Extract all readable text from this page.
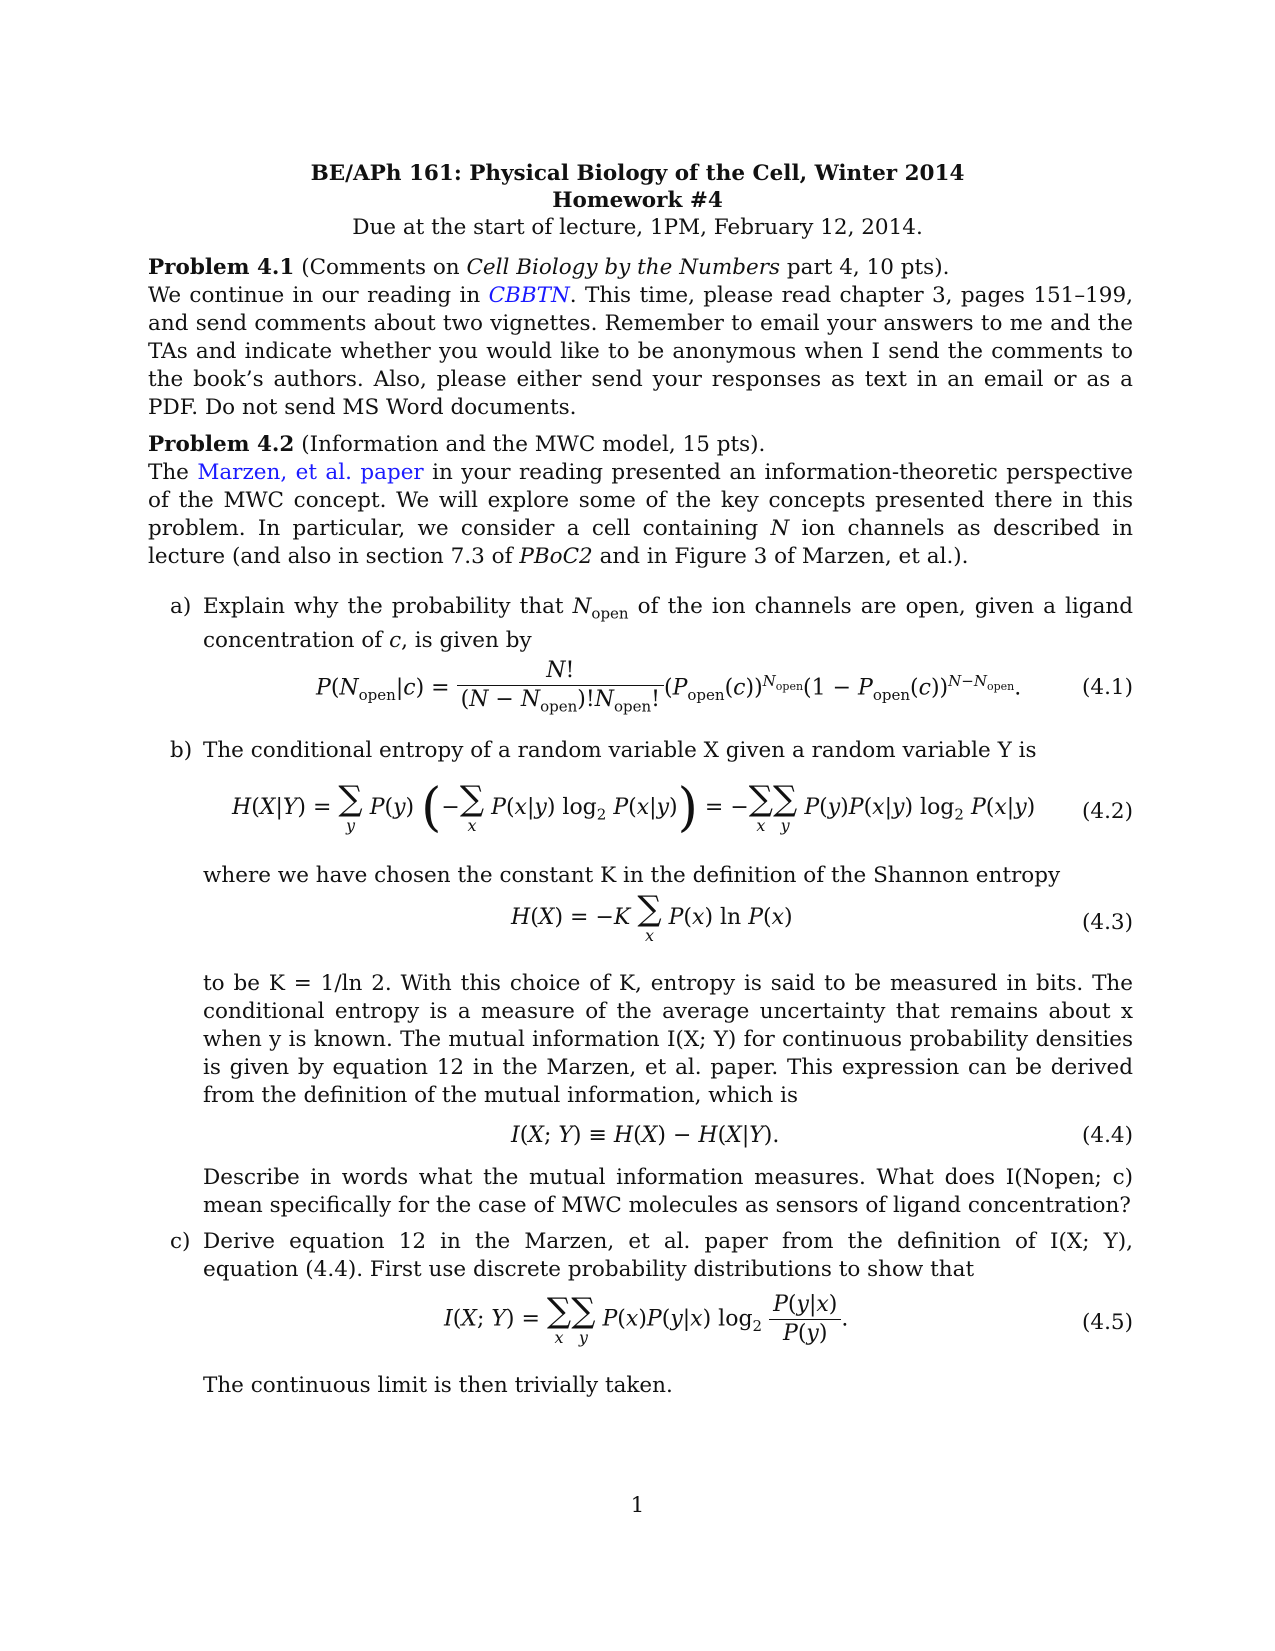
BE/APh 161: Physical Biology of the Cell, Winter 2014
Homework #4
Due at the start of lecture, 1PM, February 12, 2014.
Problem 4.1 (Comments on Cell Biology by the Numbers part 4, 10 pts).
We continue in our reading in CBBTN. This time, please read chapter 3, pages 151–199, and send comments about two vignettes. Remember to email your answers to me and the TAs and indicate whether you would like to be anonymous when I send the comments to the book’s authors. Also, please either send your responses as text in an email or as a PDF. Do not send MS Word documents.
Problem 4.2 (Information and the MWC model, 15 pts).
The Marzen, et al. paper in your reading presented an information-theoretic perspective of the MWC concept. We will explore some of the key concepts presented there in this problem. In particular, we consider a cell containing N ion channels as described in lecture (and also in section 7.3 of PBoC2 and in Figure 3 of Marzen, et al.).
a) Explain why the probability that $N_{open}$ of the ion channels are open, given a ligand concentration of c, is given by
$P(N_{open}|c) = \frac{N!}{(N - N_{open})!N_{open}!} (P_{open}(c))^{N_{open}}(1 - P_{open}(c))^{N-N_{open}}$.	(4.1)
b) The conditional entropy of a random variable X given a random variable Y is
H(X|Y) = ∑
y
P(y) (− ∑
x
P(x|y) $\log_2 P(x|y)$) = − ∑
x
∑
y
P(y)P(x|y) $\log_2 P(x|y)$ (4.2)
where we have chosen the constant K in the definition of the Shannon entropy
H(X) = −K ∑
x
P(x) ln P(x)	(4.3)
to be K = 1/ln 2. With this choice of K, entropy is said to be measured in bits. The conditional entropy is a measure of the average uncertainty that remains about x when y is known. The mutual information I(X; Y) for continuous probability densities is given by equation 12 in the Marzen, et al. paper. This expression can be derived from the definition of the mutual information, which is
I(X; Y) ≡ H(X) − H(X|Y).	(4.4)
Describe in words what the mutual information measures. What does I(Nopen; c) mean specifically for the case of MWC molecules as sensors of ligand concentration?
c) Derive equation 12 in the Marzen, et al. paper from the definition of I(X; Y), equation (4.4). First use discrete probability distributions to show that
I(X; Y) = ∑
x
∑
y
P(x)P(y|x) $\log_2 \frac{P(y|x)}{P(y)}$ .	(4.5)
The continuous limit is then trivially taken.
1
